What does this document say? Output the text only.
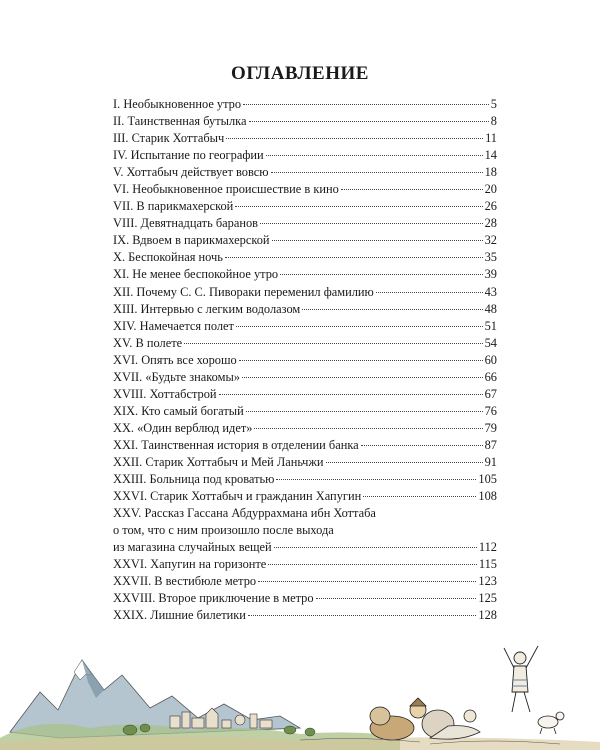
ОГЛАВЛЕНИЕ
I. Необыкновенное утро	5
II. Таинственная бутылка	8
III. Старик Хоттабыч	11
IV. Испытание по географии	14
V. Хоттабыч действует вовсю	18
VI. Необыкновенное происшествие в кино	20
VII. В парикмахерской	26
VIII. Девятнадцать баранов	28
IX. Вдвоем в парикмахерской	32
X. Беспокойная ночь	35
XI. Не менее беспокойное утро	39
XII. Почему С. С. Пивораки переменил фамилию	43
XIII. Интервью с легким водолазом	48
XIV. Намечается полет	51
XV. В полете	54
XVI. Опять все хорошо	60
XVII. «Будьте знакомы»	66
XVIII. Хоттабстрой	67
XIX. Кто самый богатый	76
XX. «Один верблюд идет»	79
XXI. Таинственная история в отделении банка	87
XXII. Старик Хоттабыч и Мей Ланьчжи	91
XXIII. Больница под кроватью	105
XXVI. Старик Хоттабыч и гражданин Хапугин	108
XXV. Рассказ Гассана Абдуррахмана ибн Хоттаба
о том, что с ним произошло после выхода
из магазина случайных вещей	112
XXVI. Хапугин на горизонте	115
XXVII. В вестибюле метро	123
XXVIII. Второе приключение в метро	125
XXIX. Лишние билетики	128
